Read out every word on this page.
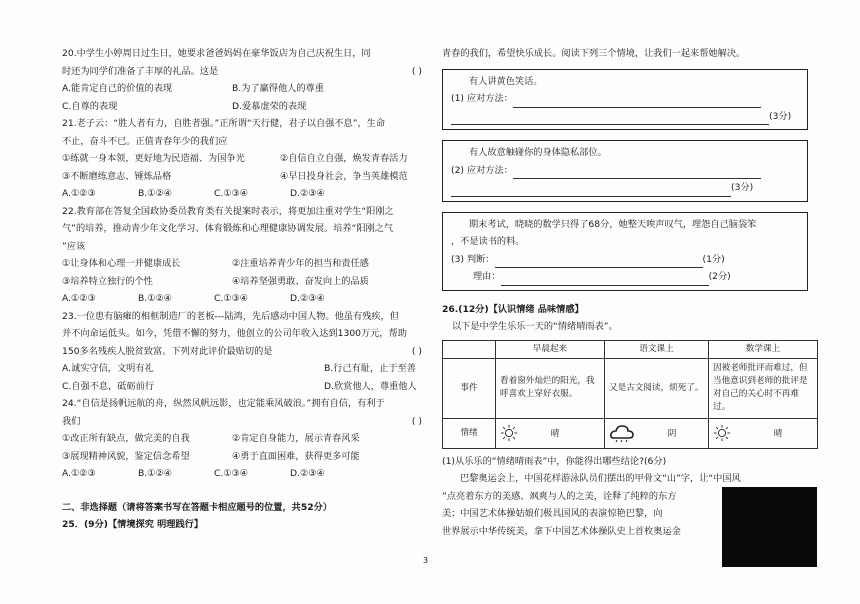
20.中学生小婷周日过生日，她要求爸爸妈妈在豪华饭店为自己庆祝生日，同
时还为同学们准备了丰厚的礼品。这是	( )
A.能肯定自己的价值的表现	B.为了赢得他人的尊重
C.自尊的表现	D.爱慕虚荣的表现
21.老子云：“胜人者有力，自胜者强。”正所谓“天行健，君子以自强不息”，生命
不止，奋斗不已。正值青春年少的我们应
①练就一身本领，更好地为民造福、为国争光	②自信自立自强，焕发青春活力
③不断磨练意志、锤炼品格	④早日投身社会，争当英雄模范
A.①②③	B.①②④	C.①③④	D.②③④
22.教育部在答复全国政协委员教育类有关提案时表示，将更加注重对学生“阳刚之
气”的培养，推动青少年文化学习、体育锻炼和心理健康协调发展。培养“阳刚之气
”应该
①让身体和心理一并健康成长	②注重培养青少年的担当和责任感
③培养特立独行的个性	④培养坚强勇敢、奋发向上的品质
A.①②③	B.①②④	C.①③④	D.②③④
23.一位患有脑瘫的相框制造厂的老板---陆鸿，先后感动中国人物。他虽有残疾，但
并不向命运低头。如今，凭借不懈的努力，他创立的公司年收入达到1300万元，帮助
150多名残疾人脱贫致富。下列对此评价最贴切的是	( )
A.诚实守信，文明有礼	B.行己有耻，止于至善
C.自强不息，砥砺前行	D.欣赏他人，尊重他人
24.“自信是扬帆远航的舟，纵然风帆远影，也定能乘风破浪。”拥有自信，有利于
我们	( )
①改正所有缺点，做完美的自我	②肯定自身能力，展示青春风采
③展现精神风貌，鉴定信念希望	④勇于直面困难，获得更多可能
A.①②③	B.①②④	C.①③④	D.②③④
二、非选择题（请将答案书写在答题卡相应题号的位置，共52分）
25．(9分)【情境探究 明理践行】
青春的我们，希望快乐成长。阅读下列三个情境，让我们一起来帮她解决。
有人讲黄色笑话。
(1) 应对方法：
(3分)
有人故意触碰你的身体隐私部位。
(2) 应对方法：
(3分)
期末考试，晓晓的数学只得了68分，她整天唉声叹气，埋怨自己脑袋笨
，不是读书的料。
(3) 判断：	(1分)
理由：	(2分)
26.(12分)【认识情绪 品味情感】
以下是中学生乐乐一天的“情绪晴雨表”。
	早晨起来	语文课上	数学课上
事件	看着窗外灿烂的阳光，我呼喜欢上穿好衣服。	又是古文阅读，烦死了。	因被老师批评而难过，但当他意识到老师的批评是对自己的关心时不再难过。
情绪	晴	阴	晴
(1)从乐乐的“情绪晴雨表”中，你能得出哪些结论?(6分)
巴黎奥运会上，中国花样游泳队员们摆出的甲骨文“山”字，让“中国风
”点亮着东方的美感、飒爽与人的之美，诠释了纯粹的东方
美；中国艺术体操姑娘们极具国风的表演惊艳巴黎，向
世界展示中华传统美，拿下中国艺术体操队史上首枚奥运金
3
